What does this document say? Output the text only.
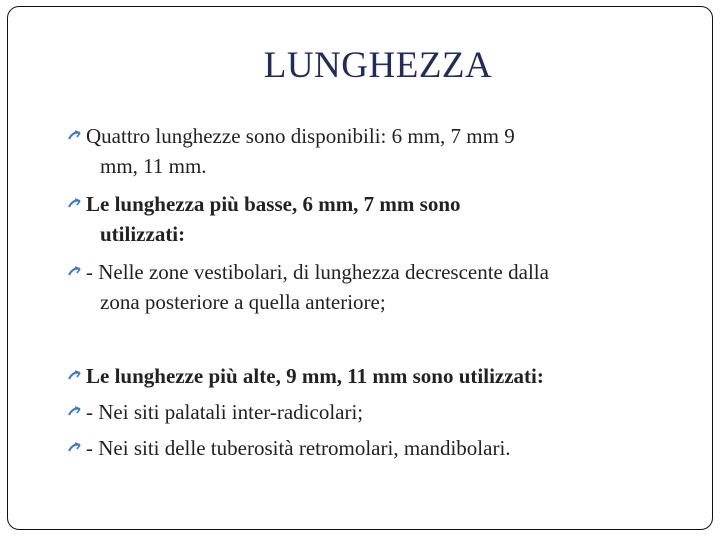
LUNGHEZZA
Quattro lunghezze sono disponibili: 6 mm, 7 mm 9
mm, 11 mm.
Le lunghezza più basse, 6 mm, 7 mm sono
utilizzati:
- Nelle zone vestibolari, di lunghezza decrescente dalla
zona posteriore a quella anteriore;
Le lunghezze più alte, 9 mm, 11 mm sono utilizzati:
- Nei siti palatali inter-radicolari;
- Nei siti delle tuberosità retromolari, mandibolari.
